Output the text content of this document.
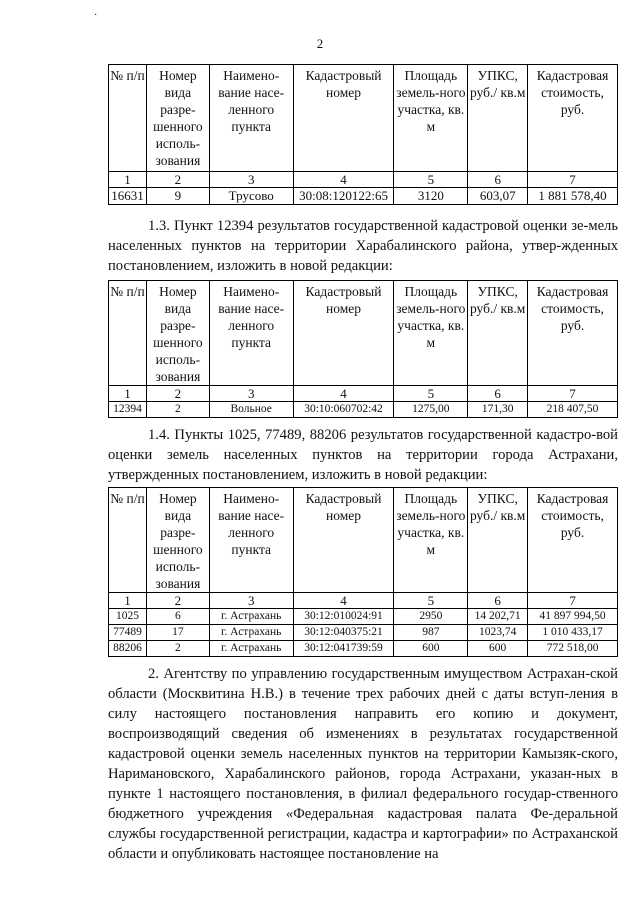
·
2
№ п/п	Номер вида разре-шенного исполь-зования	Наимено-вание насе-ленного пункта	Кадастровый номер	Площадь земель-ного участка, кв. м	УПКС, руб./ кв.м	Кадастровая стоимость, руб.
1	2	3	4	5	6	7
16631	9	Трусово	30:08:120122:65	3120	603,07	1 881 578,40

1.3. Пункт 12394 результатов государственной кадастровой оценки зе-мель населенных пунктов на территории Харабалинского района, утвер-жденных постановлением, изложить в новой редакции:

№ п/п	Номер вида разре-шенного исполь-зования	Наимено-вание насе-ленного пункта	Кадастровый номер	Площадь земель-ного участка, кв. м	УПКС, руб./ кв.м	Кадастровая стоимость, руб.
1	2	3	4	5	6	7
12394	2	Вольное	30:10:060702:42	1275,00	171,30	218 407,50

1.4. Пункты 1025, 77489, 88206 результатов государственной кадастро-вой оценки земель населенных пунктов на территории города Астрахани, утвержденных постановлением, изложить в новой редакции:

№ п/п	Номер вида разре-шенного исполь-зования	Наимено-вание насе-ленного пункта	Кадастровый номер	Площадь земель-ного участка, кв. м	УПКС, руб./ кв.м	Кадастровая стоимость, руб.
1	2	3	4	5	6	7
1025	6	г. Астрахань	30:12:010024:91	2950	14 202,71	41 897 994,50
77489	17	г. Астрахань	30:12:040375:21	987	1023,74	1 010 433,17
88206	2	г. Астрахань	30:12:041739:59	600	600	772 518,00

2. Агентству по управлению государственным имуществом Астрахан-ской области (Москвитина Н.В.) в течение трех рабочих дней с даты вступ-ления в силу настоящего постановления направить его копию и документ, воспроизводящий сведения об изменениях в результатах государственной кадастровой оценки земель населенных пунктов на территории Камызяк-ского, Наримановского, Харабалинского районов, города Астрахани, указан-ных в пункте 1 настоящего постановления, в филиал федерального государ-ственного бюджетного учреждения «Федеральная кадастровая палата Фе-деральной службы государственной регистрации, кадастра и картографии» по Астраханской области и опубликовать настоящее постановление на
